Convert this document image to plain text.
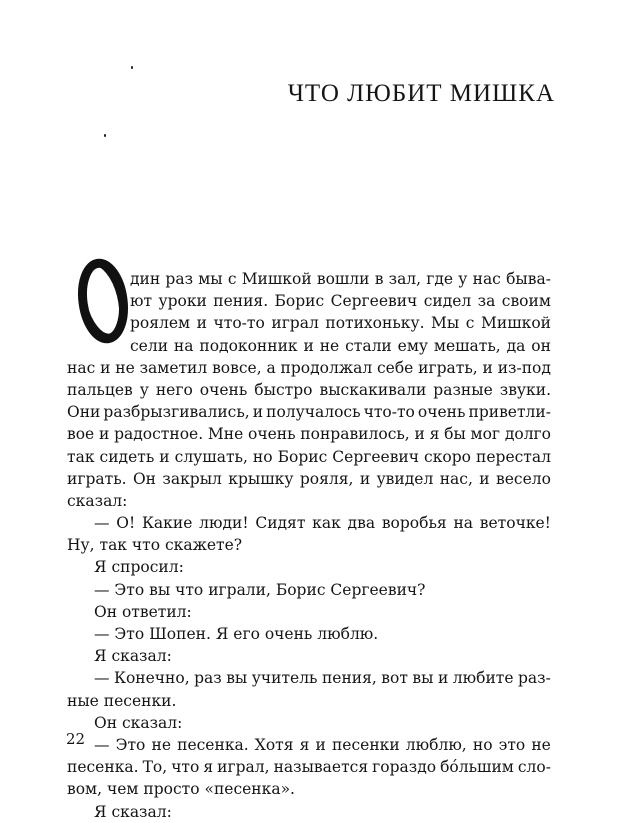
ЧТО ЛЮБИТ МИШКА
дин раз мы с Мишкой вошли в зал, где у нас быва-
ют уроки пения. Борис Сергеевич сидел за своим
роялем и что-то играл потихоньку. Мы с Мишкой
сели на подоконник и не стали ему мешать, да он
нас и не заметил вовсе, а продолжал себе играть, и из-под
пальцев у него очень быстро выскакивали разные звуки.
Они разбрызгивались, и получалось что-то очень приветли-
вое и радостное. Мне очень понравилось, и я бы мог долго
так сидеть и слушать, но Борис Сергеевич скоро перестал
играть. Он закрыл крышку рояля, и увидел нас, и весело
сказал:
— О! Какие люди! Сидят как два воробья на веточке!
Ну, так что скажете?
Я спросил:
— Это вы что играли, Борис Сергеевич?
Он ответил:
— Это Шопен. Я его очень люблю.
Я сказал:
— Конечно, раз вы учитель пения, вот вы и любите раз-
ные песенки.
Он сказал:
— Это не песенка. Хотя я и песенки люблю, но это не
песенка. То, что я играл, называется гораздо бо́льшим сло-
вом, чем просто «песенка».
Я сказал:
22
